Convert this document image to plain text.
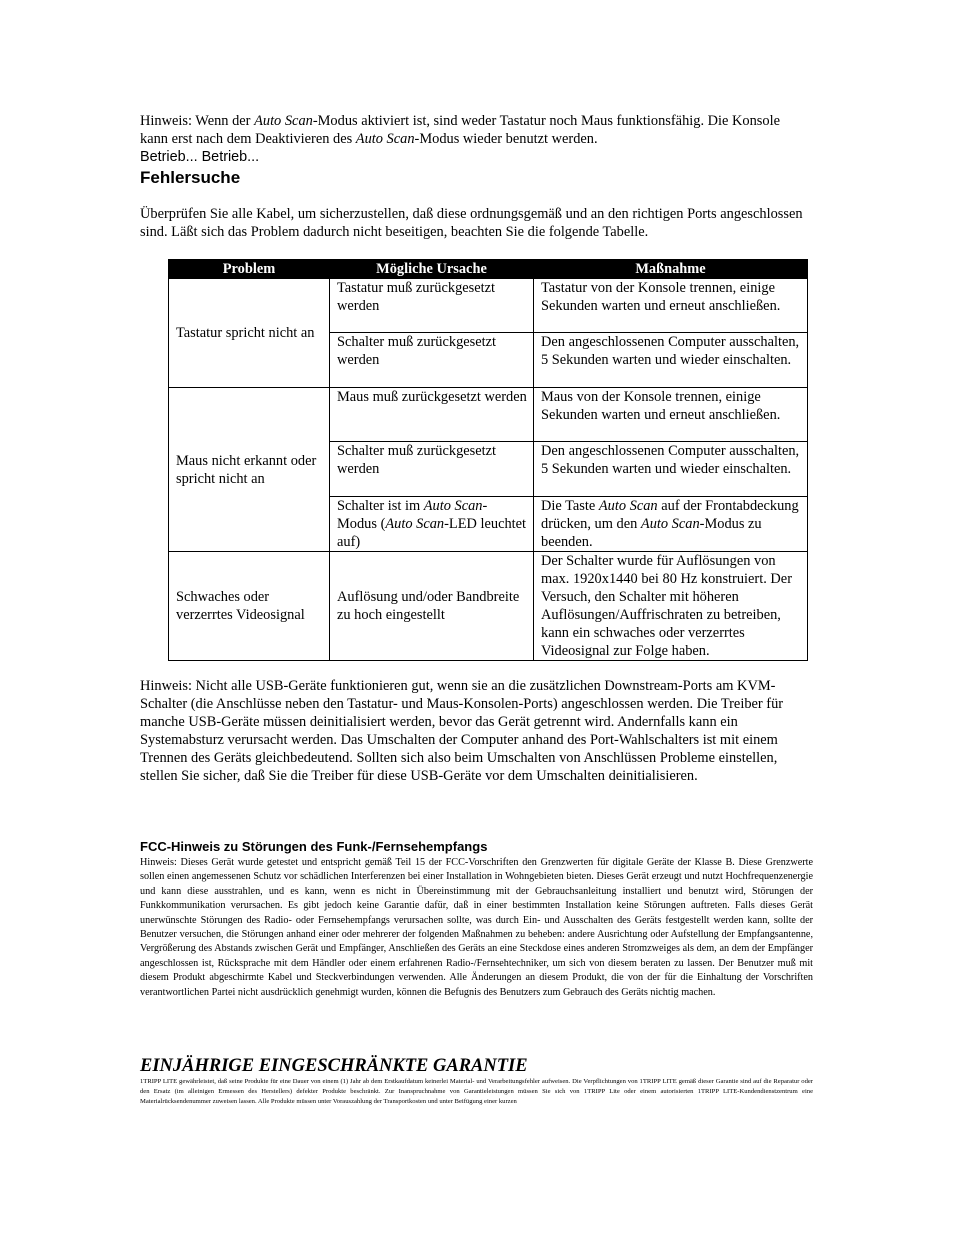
Hinweis: Wenn der Auto Scan-Modus aktiviert ist, sind weder Tastatur noch Maus funktionsfähig. Die Konsole kann erst nach dem Deaktivieren des Auto Scan-Modus wieder benutzt werden.

Betrieb... Betrieb...

Fehlersuche

Überprüfen Sie alle Kabel, um sicherzustellen, daß diese ordnungsgemäß und an den richtigen Ports angeschlossen sind. Läßt sich das Problem dadurch nicht beseitigen, beachten Sie die folgende Tabelle.

Problem	Mögliche Ursache	Maßnahme
Tastatur spricht nicht an	Tastatur muß zurückgesetzt werden	Tastatur von der Konsole trennen, einige Sekunden warten und erneut anschließen.
	Schalter muß zurückgesetzt werden	Den angeschlossenen Computer ausschalten, 5 Sekunden warten und wieder einschalten.
Maus nicht erkannt oder spricht nicht an	Maus muß zurückgesetzt werden	Maus von der Konsole trennen, einige Sekunden warten und erneut anschließen.
	Schalter muß zurückgesetzt werden	Den angeschlossenen Computer ausschalten, 5 Sekunden warten und wieder einschalten.
	Schalter ist im Auto Scan-Modus (Auto Scan-LED leuchtet auf)	Die Taste Auto Scan auf der Frontabdeckung drücken, um den Auto Scan-Modus zu beenden.
Schwaches oder verzerrtes Videosignal	Auflösung und/oder Bandbreite zu hoch eingestellt	Der Schalter wurde für Auflösungen von max. 1920x1440 bei 80 Hz konstruiert. Der Versuch, den Schalter mit höheren Auflösungen/Auffrischraten zu betreiben, kann ein schwaches oder verzerrtes Videosignal zur Folge haben.

Hinweis: Nicht alle USB-Geräte funktionieren gut, wenn sie an die zusätzlichen Downstream-Ports am KVM-Schalter (die Anschlüsse neben den Tastatur- und Maus-Konsolen-Ports) angeschlossen werden. Die Treiber für manche USB-Geräte müssen deinitialisiert werden, bevor das Gerät getrennt wird. Andernfalls kann ein Systemabsturz verursacht werden. Das Umschalten der Computer anhand des Port-Wahlschalters ist mit einem Trennen des Geräts gleichbedeutend. Sollten sich also beim Umschalten von Anschlüssen Probleme einstellen, stellen Sie sicher, daß Sie die Treiber für diese USB-Geräte vor dem Umschalten deinitialisieren.

FCC-Hinweis zu Störungen des Funk-/Fernsehempfangs

Hinweis: Dieses Gerät wurde getestet und entspricht gemäß Teil 15 der FCC-Vorschriften den Grenzwerten für digitale Geräte der Klasse B. Diese Grenzwerte sollen einen angemessenen Schutz vor schädlichen Interferenzen bei einer Installation in Wohngebieten bieten. Dieses Gerät erzeugt und nutzt Hochfrequenzenergie und kann diese ausstrahlen, und es kann, wenn es nicht in Übereinstimmung mit der Gebrauchsanleitung installiert und benutzt wird, Störungen der Funkkommunikation verursachen. Es gibt jedoch keine Garantie dafür, daß in einer bestimmten Installation keine Störungen auftreten. Falls dieses Gerät unerwünschte Störungen des Radio- oder Fernsehempfangs verursachen sollte, was durch Ein- und Ausschalten des Geräts festgestellt werden kann, sollte der Benutzer versuchen, die Störungen anhand einer oder mehrerer der folgenden Maßnahmen zu beheben: andere Ausrichtung oder Aufstellung der Empfangsantenne, Vergrößerung des Abstands zwischen Gerät und Empfänger, Anschließen des Geräts an eine Steckdose eines anderen Stromzweiges als dem, an dem der Empfänger angeschlossen ist, Rücksprache mit dem Händler oder einem erfahrenen Radio-/Fernsehtechniker, um sich von diesem beraten zu lassen. Der Benutzer muß mit diesem Produkt abgeschirmte Kabel und Steckverbindungen verwenden. Alle Änderungen an diesem Produkt, die von der für die Einhaltung der Vorschriften verantwortlichen Partei nicht ausdrücklich genehmigt wurden, können die Befugnis des Benutzers zum Gebrauch des Geräts nichtig machen.

EINJÄHRIGE EINGESCHRÄNKTE GARANTIE

1TRIPP LITE gewährleistet, daß seine Produkte für eine Dauer von einem (1) Jahr ab dem Erstkaufdatum keinerlei Material- und Verarbeitungsfehler aufweisen. Die Verpflichtungen von 1TRIPP LITE gemäß dieser Garantie sind auf die Reparatur oder den Ersatz (im alleinigen Ermessen des Herstellers) defekter Produkte beschränkt. Zur Inanspruchnahme von Garantieleistungen müssen Sie sich von 1TRIPP Lite oder einem autorisierten 1TRIPP LITE-Kundendienstzentrum eine Materialrücksendenummer zuweisen lassen. Alle Produkte müssen unter Vorauszahlung der Transportkosten und unter Beifügung einer kurzen
